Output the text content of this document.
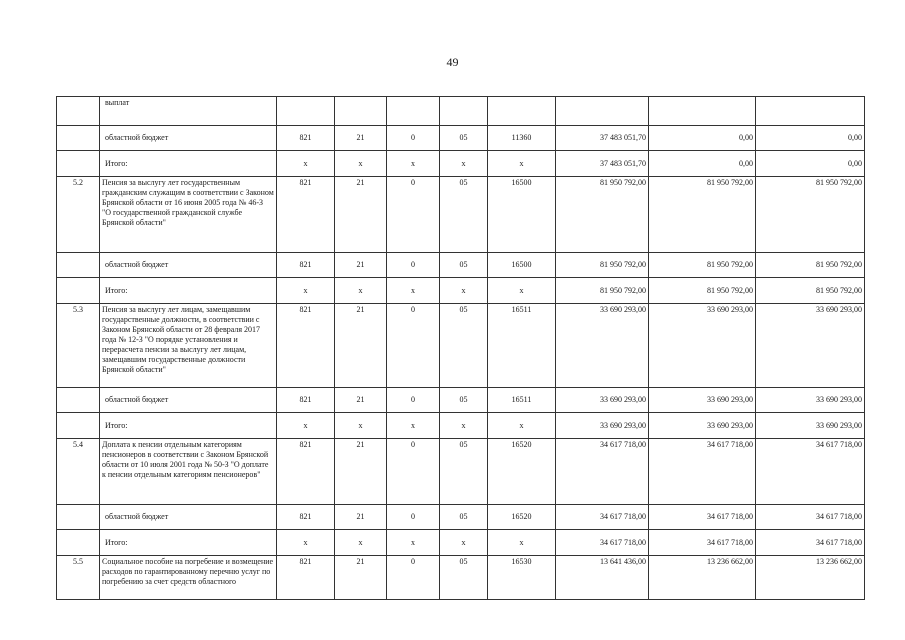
49
	выплат								
	областной бюджет	821	21	0	05	11360	37 483 051,70	0,00	0,00
	Итого:	х	х	х	х	х	37 483 051,70	0,00	0,00
5.2	Пенсия за выслугу лет государственным гражданским служащим в соответствии с Законом Брянской области от 16 июня 2005 года № 46-З "О государственной гражданской службе Брянской области"	821	21	0	05	16500	81 950 792,00	81 950 792,00	81 950 792,00
	областной бюджет	821	21	0	05	16500	81 950 792,00	81 950 792,00	81 950 792,00
	Итого:	х	х	х	х	х	81 950 792,00	81 950 792,00	81 950 792,00
5.3	Пенсия за выслугу лет лицам, замещавшим государственные должности, в соответствии с Законом Брянской области от 28 февраля 2017 года № 12-З "О порядке установления и перерасчета пенсии за выслугу лет лицам, замещавшим государственные должности Брянской области"	821	21	0	05	16511	33 690 293,00	33 690 293,00	33 690 293,00
	областной бюджет	821	21	0	05	16511	33 690 293,00	33 690 293,00	33 690 293,00
	Итого:	х	х	х	х	х	33 690 293,00	33 690 293,00	33 690 293,00
5.4	Доплата к пенсии отдельным категориям пенсионеров в соответствии с Законом Брянской области от 10 июля 2001 года № 50-З "О доплате к пенсии отдельным категориям пенсионеров"	821	21	0	05	16520	34 617 718,00	34 617 718,00	34 617 718,00
	областной бюджет	821	21	0	05	16520	34 617 718,00	34 617 718,00	34 617 718,00
	Итого:	х	х	х	х	х	34 617 718,00	34 617 718,00	34 617 718,00
5.5	Социальное пособие на погребение и возмещение расходов по гарантированному перечню услуг по погребению за счет средств областного	821	21	0	05	16530	13 641 436,00	13 236 662,00	13 236 662,00
